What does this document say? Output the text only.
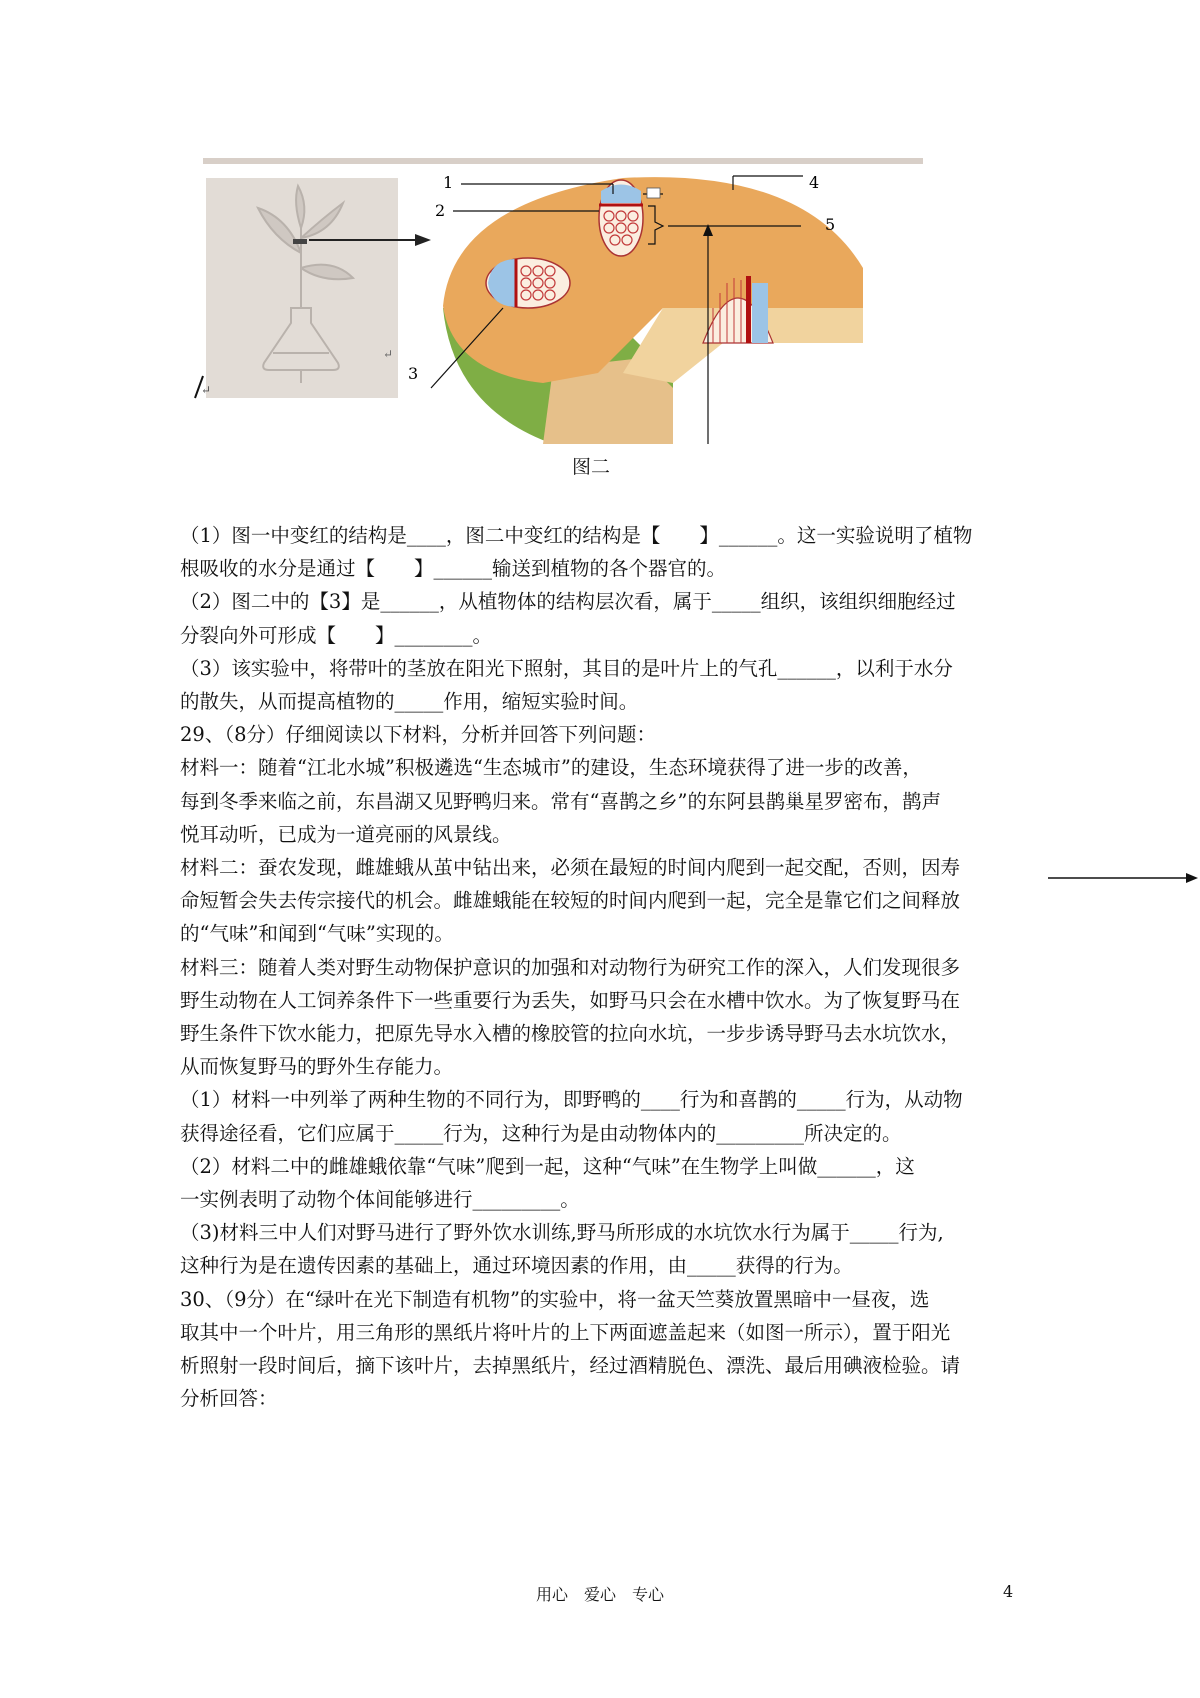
↵
↵
1
2
3
4
5
图二

（1）图一中变红的结构是____，图二中变红的结构是【　　】______。这一实验说明了植物

根吸收的水分是通过【　　】______输送到植物的各个器官的。

（2）图二中的【3】是______，从植物体的结构层次看，属于_____组织，该组织细胞经过

分裂向外可形成【　　】________。

（3）该实验中，将带叶的茎放在阳光下照射，其目的是叶片上的气孔______，以利于水分

的散失，从而提高植物的_____作用，缩短实验时间。

29、（8分）仔细阅读以下材料，分析并回答下列问题：

材料一：随着“江北水城”积极遴选“生态城市”的建设，生态环境获得了进一步的改善，

每到冬季来临之前，东昌湖又见野鸭归来。常有“喜鹊之乡”的东阿县鹊巢星罗密布，鹊声

悦耳动听，已成为一道亮丽的风景线。

材料二：蚕农发现，雌雄蛾从茧中钻出来，必须在最短的时间内爬到一起交配，否则，因寿

命短暂会失去传宗接代的机会。雌雄蛾能在较短的时间内爬到一起，完全是靠它们之间释放

的“气味”和闻到“气味”实现的。

材料三：随着人类对野生动物保护意识的加强和对动物行为研究工作的深入，人们发现很多

野生动物在人工饲养条件下一些重要行为丢失，如野马只会在水槽中饮水。为了恢复野马在

野生条件下饮水能力，把原先导水入槽的橡胶管的拉向水坑，一步步诱导野马去水坑饮水，

从而恢复野马的野外生存能力。

（1）材料一中列举了两种生物的不同行为，即野鸭的____行为和喜鹊的_____行为，从动物

获得途径看，它们应属于_____行为，这种行为是由动物体内的_________所决定的。

（2）材料二中的雌雄蛾依靠“气味”爬到一起，这种“气味”在生物学上叫做______，这

一实例表明了动物个体间能够进行_________。

（3)材料三中人们对野马进行了野外饮水训练,野马所形成的水坑饮水行为属于_____行为,

这种行为是在遗传因素的基础上，通过环境因素的作用，由_____获得的行为。

30、（9分）在“绿叶在光下制造有机物”的实验中，将一盆天竺葵放置黑暗中一昼夜，选

取其中一个叶片，用三角形的黑纸片将叶片的上下两面遮盖起来（如图一所示），置于阳光

析照射一段时间后，摘下该叶片，去掉黑纸片，经过酒精脱色、漂洗、最后用碘液检验。请

分析回答：

用心　爱心　专心	4
